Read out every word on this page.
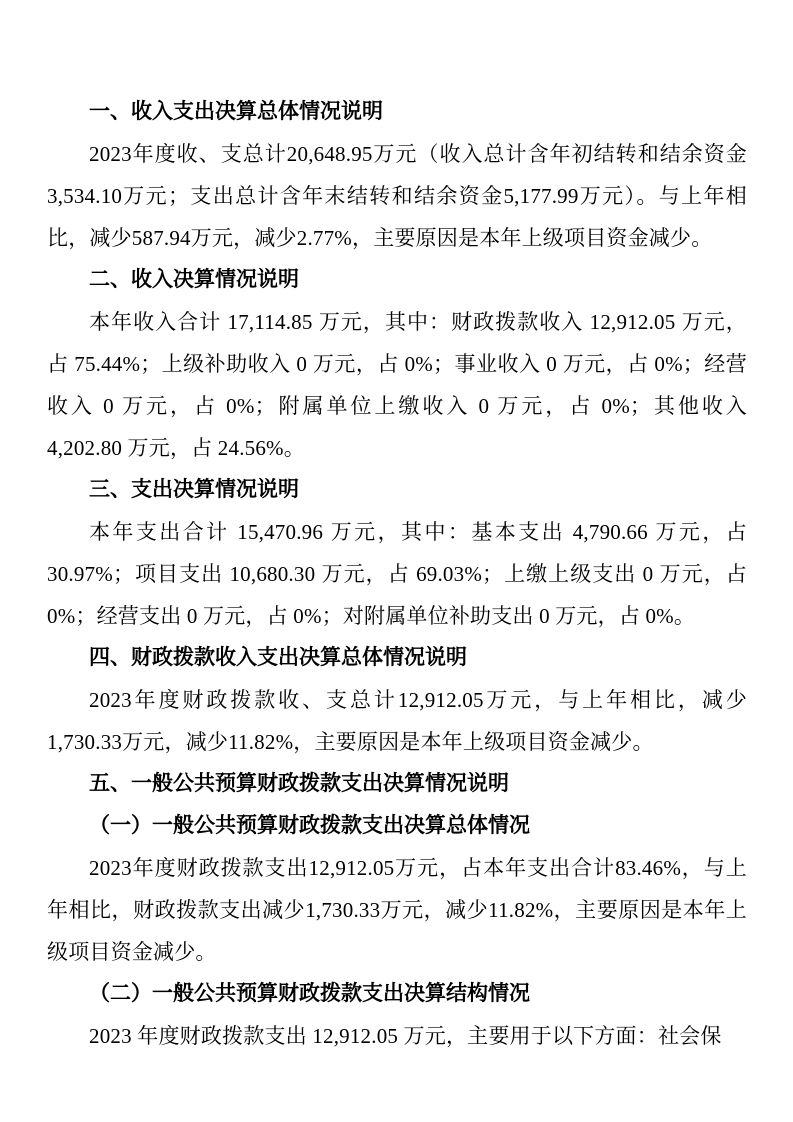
一、收入支出决算总体情况说明
2023年度收、支总计20,648.95万元（收入总计含年初结转和结余资金3,534.10万元；支出总计含年末结转和结余资金5,177.99万元）。与上年相比，减少587.94万元，减少2.77%，主要原因是本年上级项目资金减少。
二、收入决算情况说明
本年收入合计 17,114.85 万元，其中：财政拨款收入 12,912.05 万元，占 75.44%；上级补助收入 0 万元，占 0%；事业收入 0 万元，占 0%；经营收入 0 万元，占 0%；附属单位上缴收入 0 万元，占 0%；其他收入 4,202.80 万元，占 24.56%。
三、支出决算情况说明
本年支出合计 15,470.96 万元，其中：基本支出 4,790.66 万元，占 30.97%；项目支出 10,680.30 万元，占 69.03%；上缴上级支出 0 万元，占 0%；经营支出 0 万元，占 0%；对附属单位补助支出 0 万元，占 0%。
四、财政拨款收入支出决算总体情况说明
2023年度财政拨款收、支总计12,912.05万元，与上年相比，减少1,730.33万元，减少11.82%，主要原因是本年上级项目资金减少。
五、一般公共预算财政拨款支出决算情况说明
（一）一般公共预算财政拨款支出决算总体情况
2023年度财政拨款支出12,912.05万元，占本年支出合计83.46%，与上年相比，财政拨款支出减少1,730.33万元，减少11.82%，主要原因是本年上级项目资金减少。
（二）一般公共预算财政拨款支出决算结构情况
2023 年度财政拨款支出 12,912.05 万元，主要用于以下方面：社会保
